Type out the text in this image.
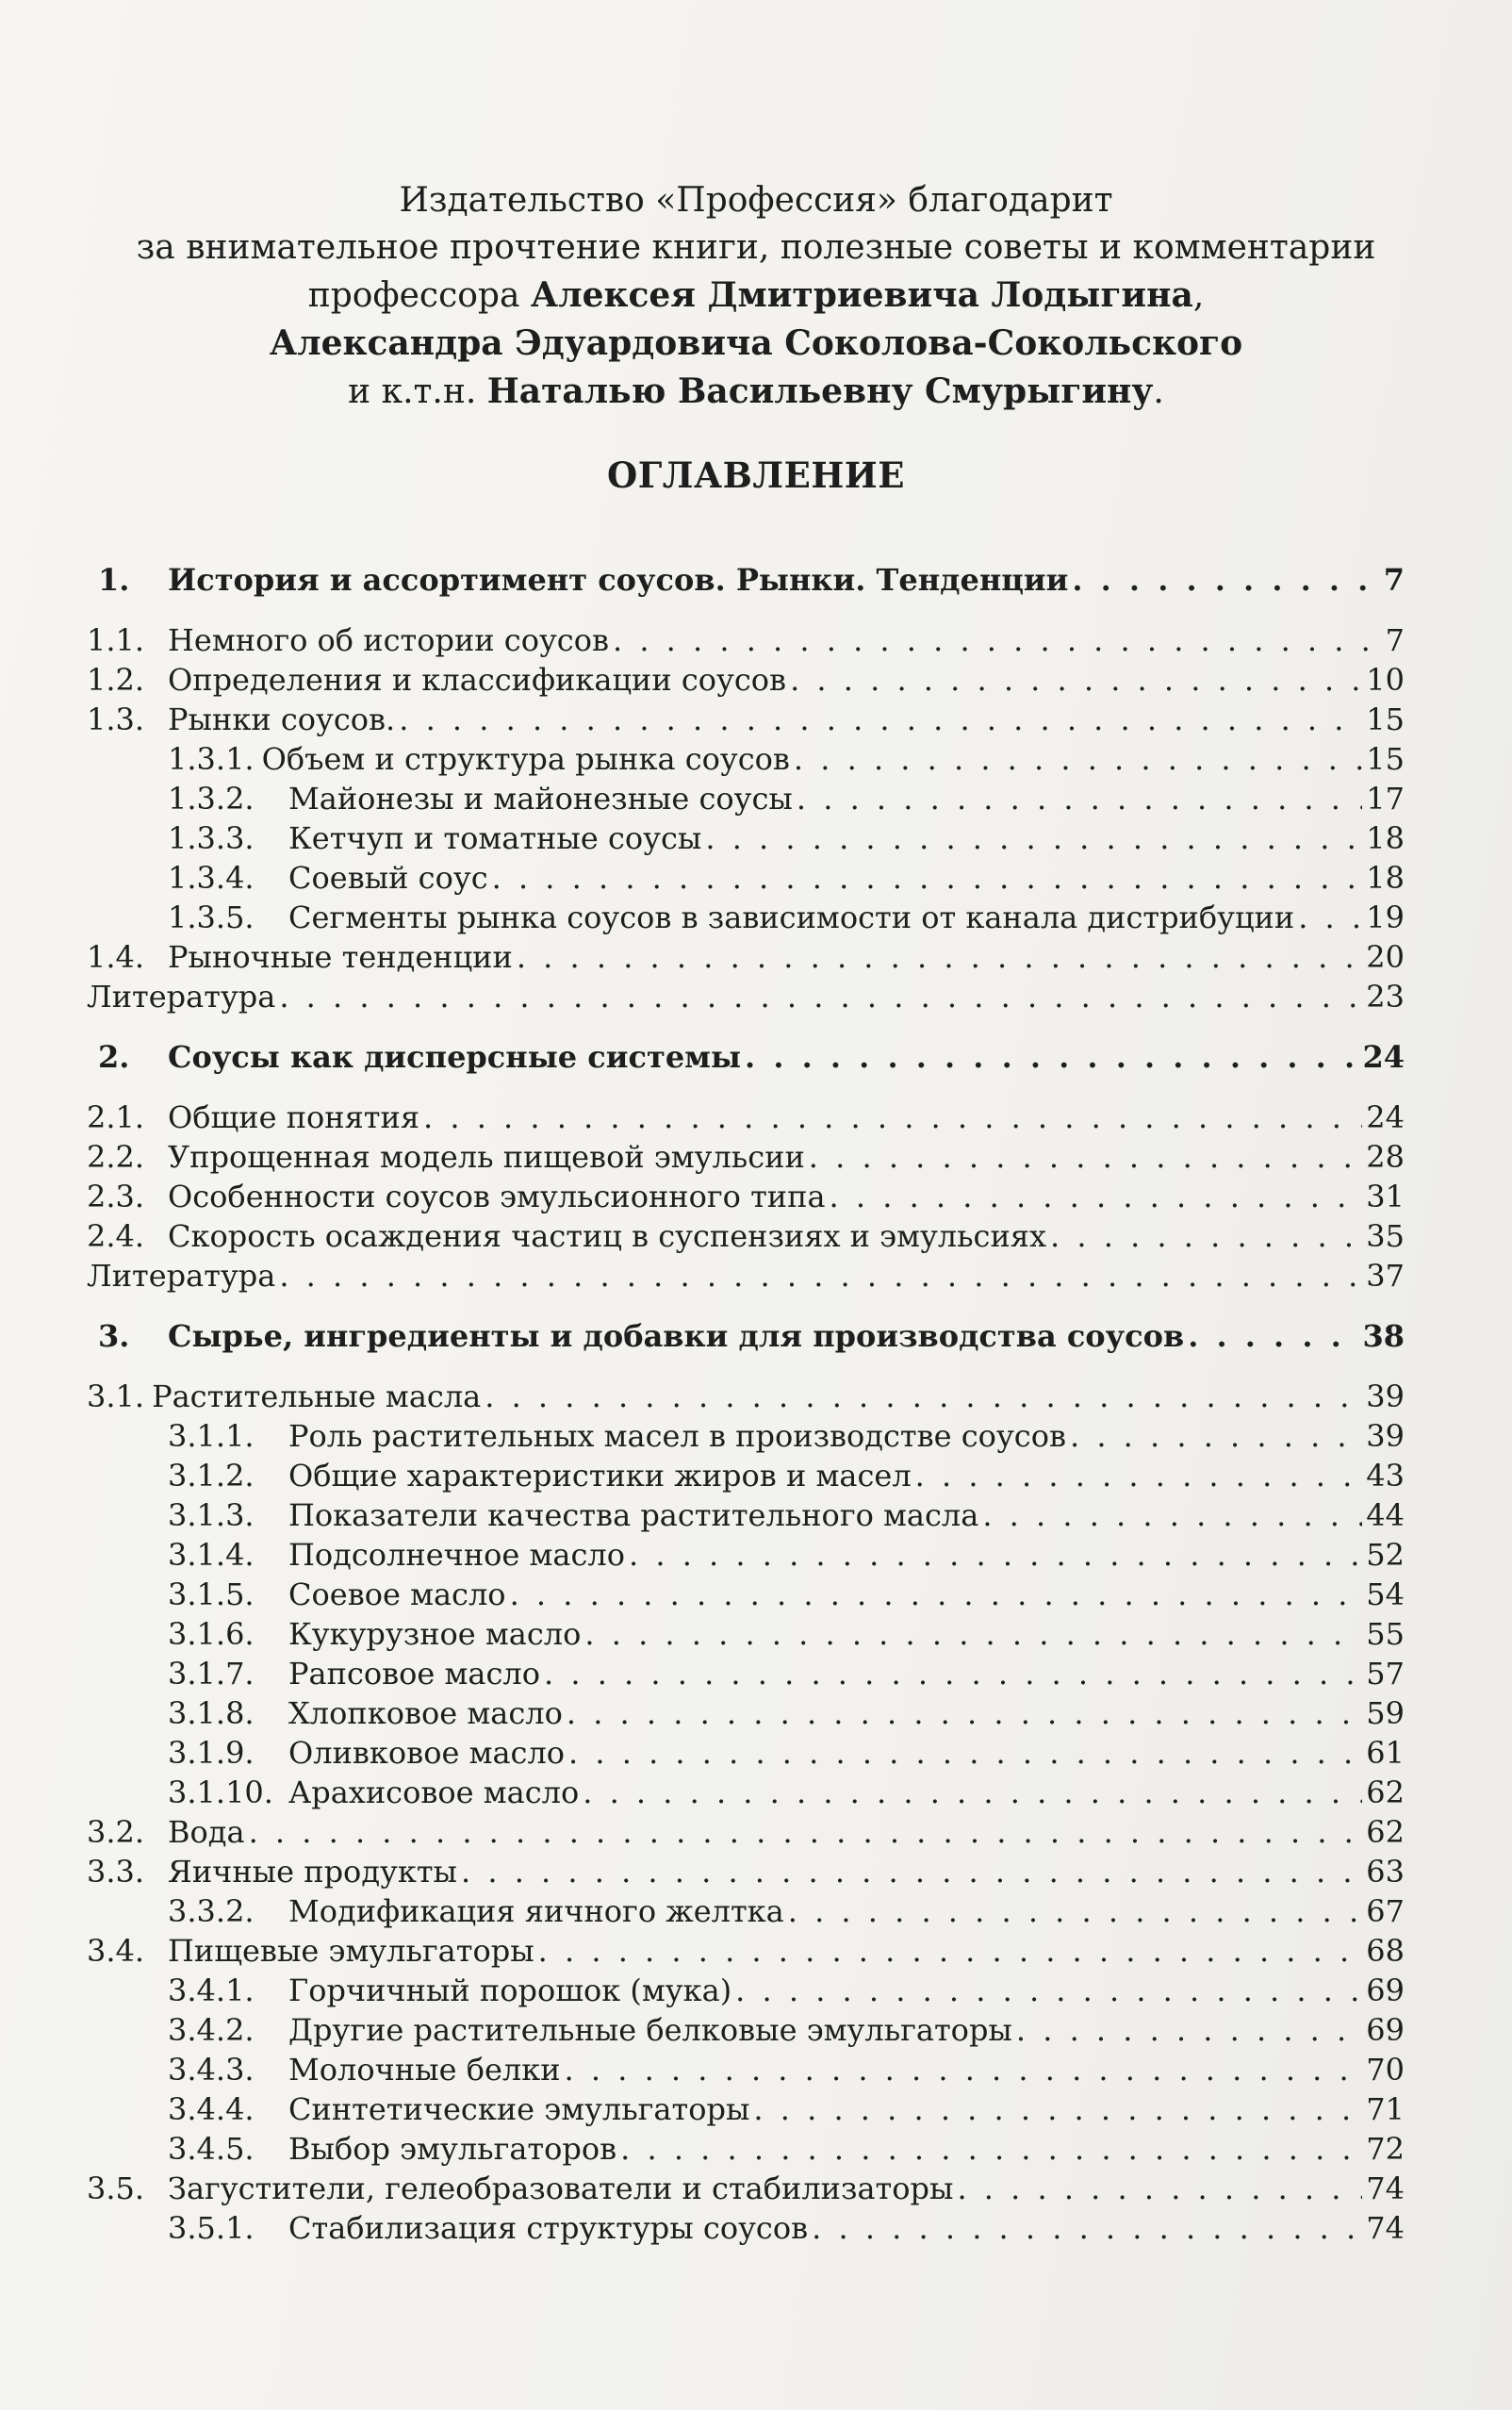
Издательство «Профессия» благодарит
за внимательное прочтение книги, полезные советы и комментарии
профессора Алексея Дмитриевича Лодыгина,
Александра Эдуардовича Соколова-Сокольского
и к.т.н. Наталью Васильевну Смурыгину.
ОГЛАВЛЕНИЕ
1.	История и ассортимент соусов. Рынки. Тенденции . . .	7
1.1. Немного об истории соусов . . .	7
1.2. Определения и классификации соусов . . .	10
1.3. Рынки соусов. . . .	15
1.3.1. Объем и структура рынка соусов . . .	15
1.3.2.	Майонезы и майонезные соусы . . .	17
1.3.3.	Кетчуп и томатные соусы . . .	18
1.3.4.	Соевый соус . . .	18
1.3.5.	Сегменты рынка соусов в зависимости от канала дистрибуции . . . 19
1.4. Рыночные тенденции . . .	20
Литература . . .	23
2.	Соусы как дисперсные системы . . .	24
2.1. Общие понятия . . .	24
2.2. Упрощенная модель пищевой эмульсии . . .	28
2.3. Особенности соусов эмульсионного типа . . .	31
2.4. Скорость осаждения частиц в суспензиях и эмульсиях . . .	35
Литература . . .	37
3.	Сырье, ингредиенты и добавки для производства соусов . . .	38
3.1. Растительные масла . . .	39
3.1.1.	Роль растительных масел в производстве соусов . . .	39
3.1.2.	Общие характеристики жиров и масел . . .	43
3.1.3.	Показатели качества растительного масла . . .	44
3.1.4.	Подсолнечное масло . . .	52
3.1.5.	Соевое масло . . .	54
3.1.6.	Кукурузное масло . . .	55
3.1.7.	Рапсовое масло . . .	57
3.1.8.	Хлопковое масло . . .	59
3.1.9.	Оливковое масло . . .	61
3.1.10. Арахисовое масло . . .	62
3.2. Вода . . .	62
3.3. Яичные продукты . . .	63
3.3.2.	Модификация яичного желтка . . .	67
3.4. Пищевые эмульгаторы . . .	68
3.4.1.	Горчичный порошок (мука) . . .	69
3.4.2.	Другие растительные белковые эмульгаторы . . .	69
3.4.3.	Молочные белки . . .	70
3.4.4.	Синтетические эмульгаторы . . .	71
3.4.5.	Выбор эмульгаторов . . .	72
3.5. Загустители, гелеобразователи и стабилизаторы . . .	74
3.5.1.	Стабилизация структуры соусов . . .	74
